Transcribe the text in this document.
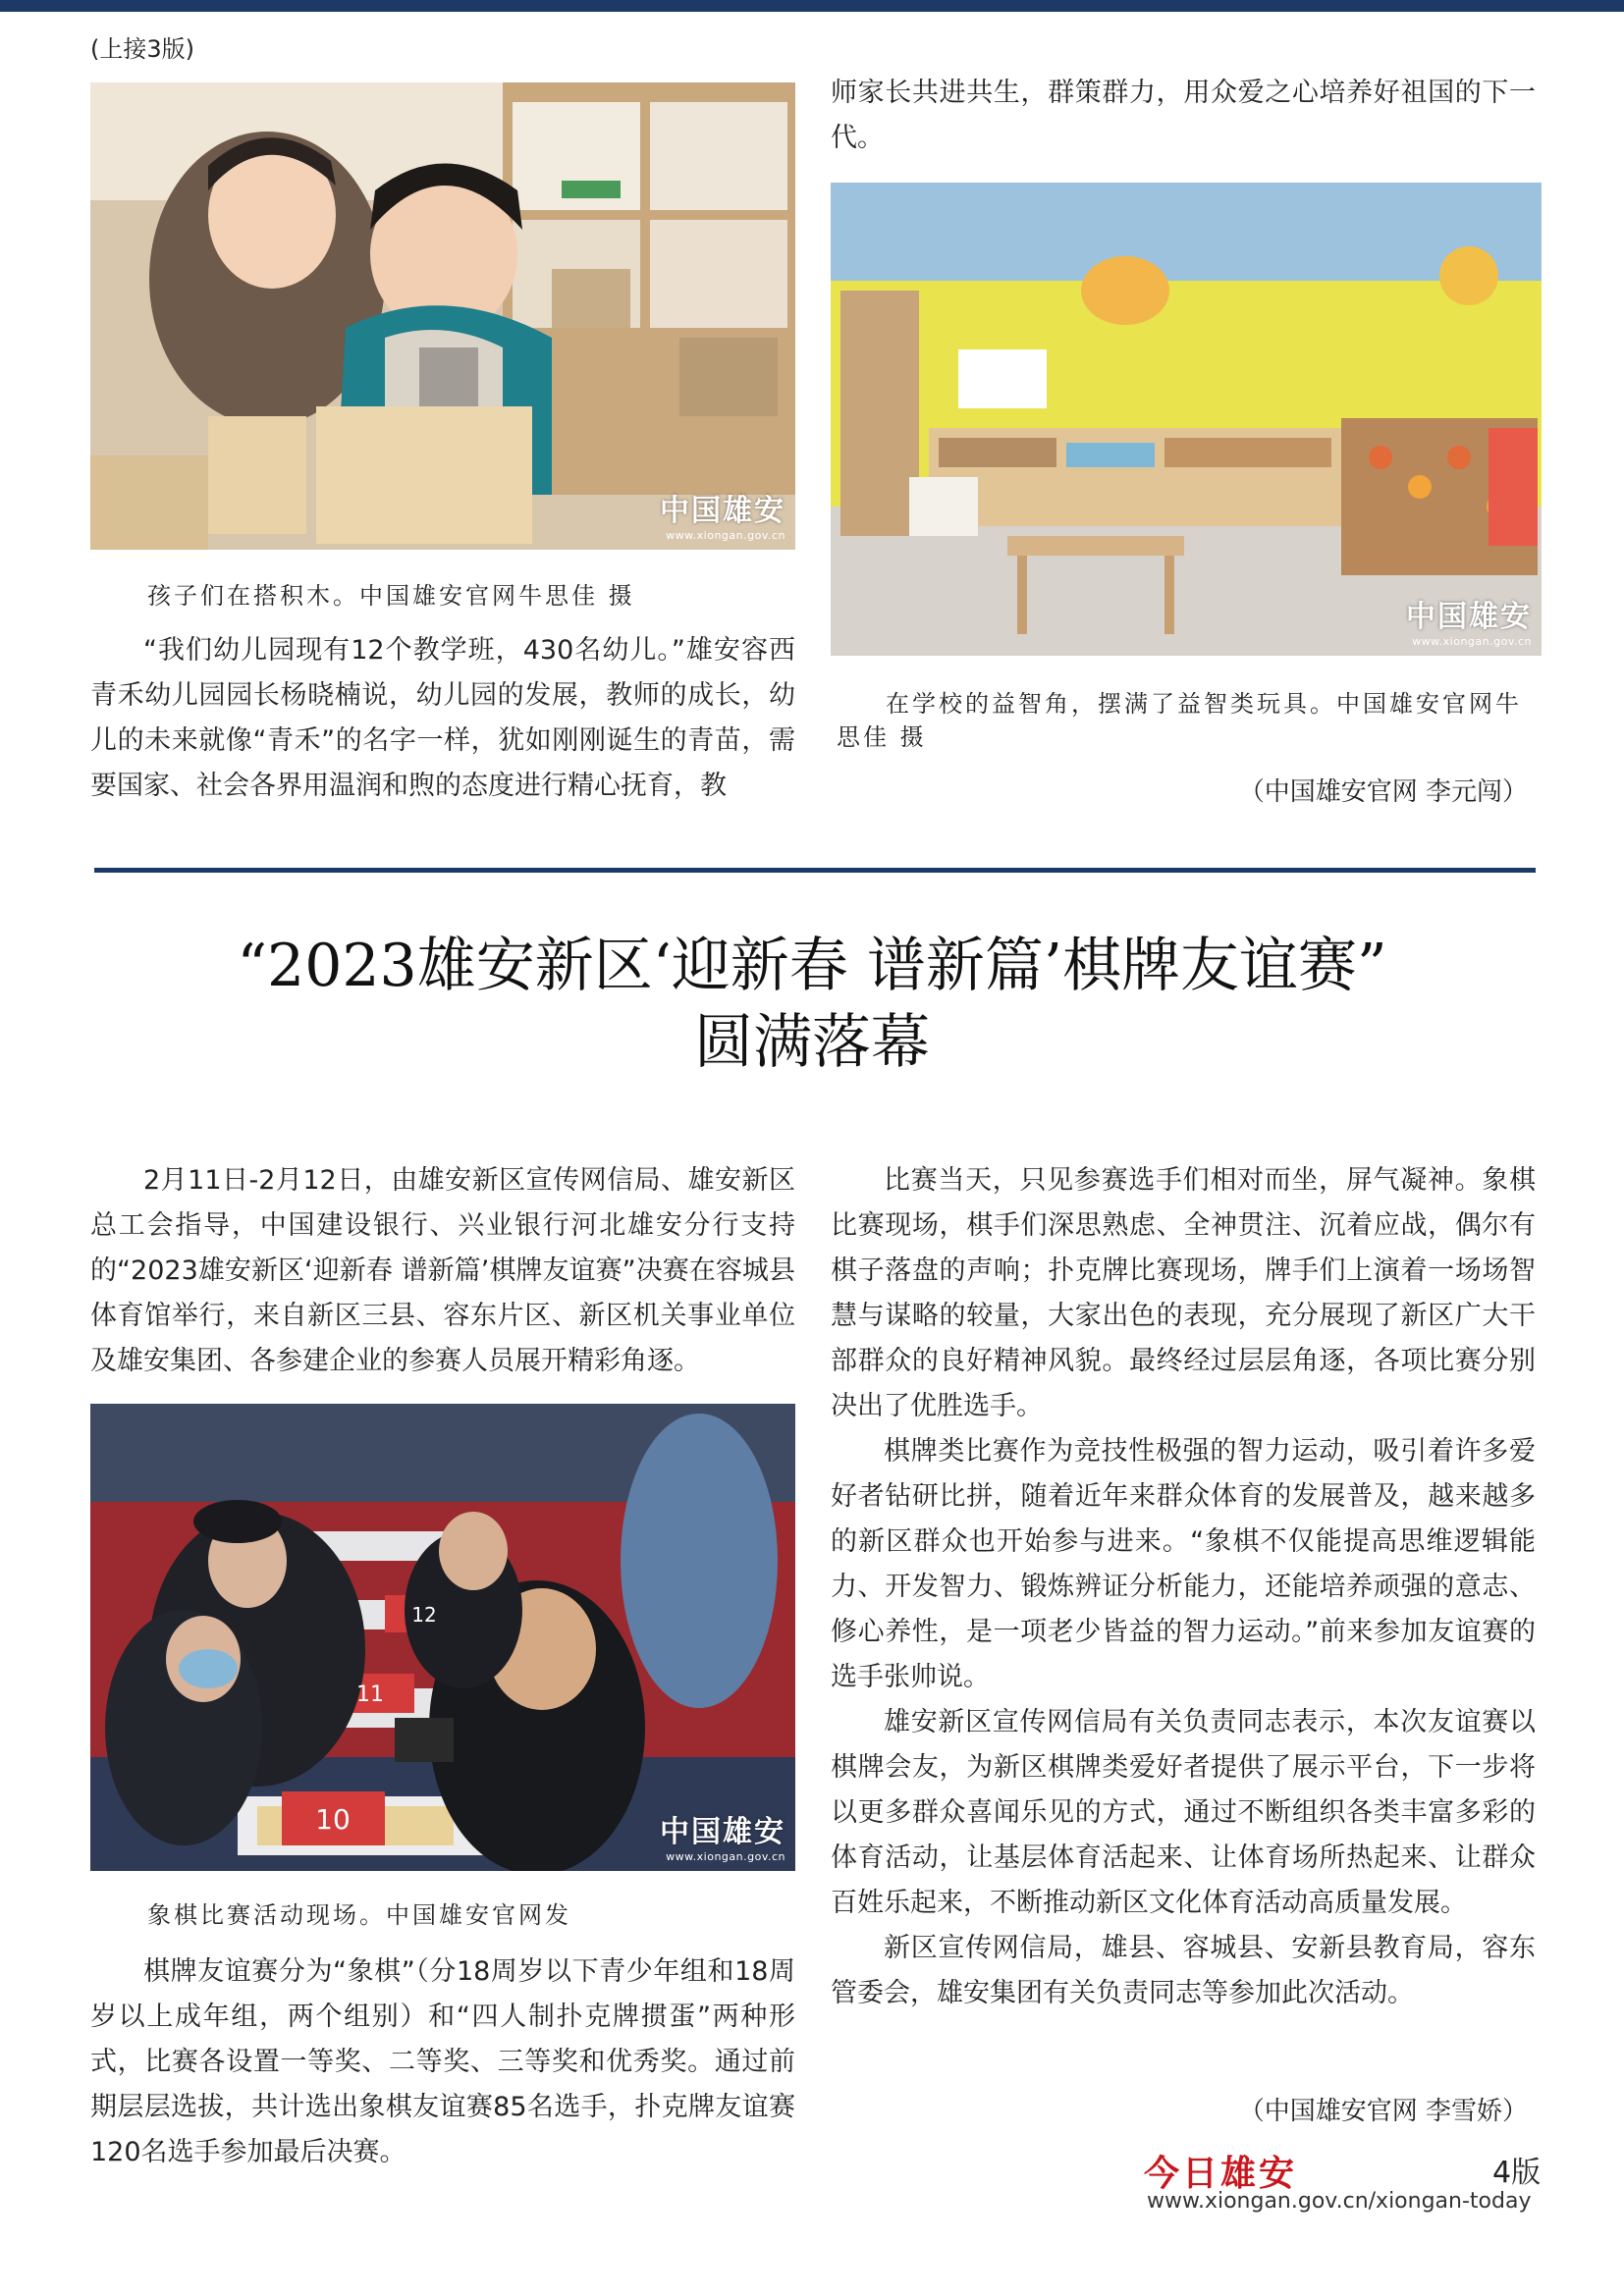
(上接3版)
中国雄安
www.xiongan.gov.cn
孩子们在搭积木。中国雄安官网牛思佳 摄

“我们幼儿园现有12个教学班，430名幼儿。”雄安容西青禾幼儿园园长杨晓楠说，幼儿园的发展，教师的成长，幼儿的未来就像“青禾”的名字一样，犹如刚刚诞生的青苗，需要国家、社会各界用温润和煦的态度进行精心抚育，教

师家长共进共生，群策群力，用众爱之心培养好祖国的下一代。

中国雄安
www.xiongan.gov.cn
在学校的益智角，摆满了益智类玩具。中国雄安官网牛思佳 摄
（中国雄安官网 李元闯）
“2023雄安新区‘迎新春 谱新篇’棋牌友谊赛”
圆满落幕

2月11日-2月12日，由雄安新区宣传网信局、雄安新区总工会指导，中国建设银行、兴业银行河北雄安分行支持的“2023雄安新区‘迎新春 谱新篇’棋牌友谊赛”决赛在容城县体育馆举行，来自新区三县、容东片区、新区机关事业单位及雄安集团、各参建企业的参赛人员展开精彩角逐。

12
11
10	中国雄安
www.xiongan.gov.cn
象棋比赛活动现场。中国雄安官网发

棋牌友谊赛分为“象棋”（分18周岁以下青少年组和18周岁以上成年组，两个组别）和“四人制扑克牌掼蛋”两种形式，比赛各设置一等奖、二等奖、三等奖和优秀奖。通过前期层层选拔，共计选出象棋友谊赛85名选手，扑克牌友谊赛120名选手参加最后决赛。

比赛当天，只见参赛选手们相对而坐，屏气凝神。象棋比赛现场，棋手们深思熟虑、全神贯注、沉着应战，偶尔有棋子落盘的声响；扑克牌比赛现场，牌手们上演着一场场智慧与谋略的较量，大家出色的表现，充分展现了新区广大干部群众的良好精神风貌。最终经过层层角逐，各项比赛分别决出了优胜选手。

棋牌类比赛作为竞技性极强的智力运动，吸引着许多爱好者钻研比拼，随着近年来群众体育的发展普及，越来越多的新区群众也开始参与进来。“象棋不仅能提高思维逻辑能力、开发智力、锻炼辨证分析能力，还能培养顽强的意志、修心养性，是一项老少皆益的智力运动。”前来参加友谊赛的选手张帅说。

雄安新区宣传网信局有关负责同志表示，本次友谊赛以棋牌会友，为新区棋牌类爱好者提供了展示平台，下一步将以更多群众喜闻乐见的方式，通过不断组织各类丰富多彩的体育活动，让基层体育活起来、让体育场所热起来、让群众百姓乐起来，不断推动新区文化体育活动高质量发展。

新区宣传网信局，雄县、容城县、安新县教育局，容东管委会，雄安集团有关负责同志等参加此次活动。

（中国雄安官网 李雪娇）
今日雄安	4版
www.xiongan.gov.cn/xiongan-today
